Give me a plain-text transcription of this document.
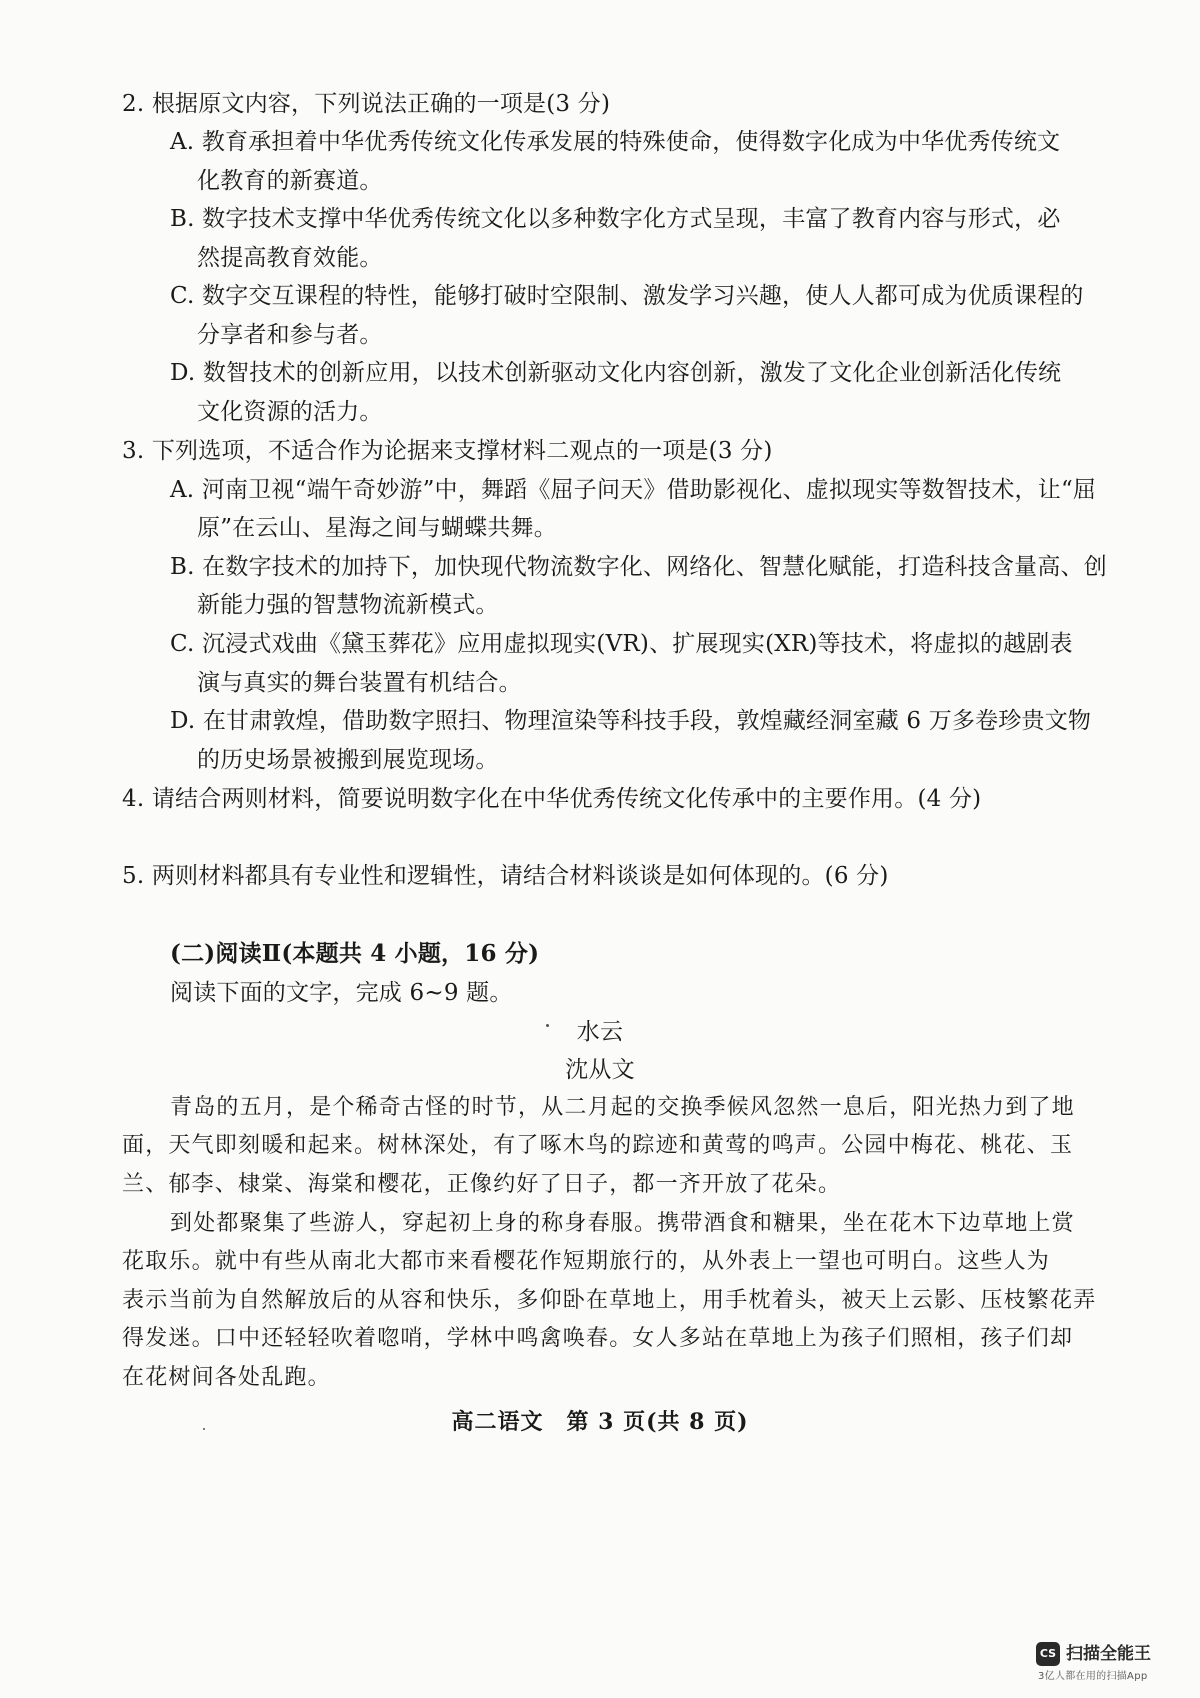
2. 根据原文内容，下列说法正确的一项是(3 分)
A. 教育承担着中华优秀传统文化传承发展的特殊使命，使得数字化成为中华优秀传统文
化教育的新赛道。
B. 数字技术支撑中华优秀传统文化以多种数字化方式呈现，丰富了教育内容与形式，必
然提高教育效能。
C. 数字交互课程的特性，能够打破时空限制、激发学习兴趣，使人人都可成为优质课程的
分享者和参与者。
D. 数智技术的创新应用，以技术创新驱动文化内容创新，激发了文化企业创新活化传统
文化资源的活力。
3. 下列选项，不适合作为论据来支撑材料二观点的一项是(3 分)
A. 河南卫视“端午奇妙游”中，舞蹈《屈子问天》借助影视化、虚拟现实等数智技术，让“屈
原”在云山、星海之间与蝴蝶共舞。
B. 在数字技术的加持下，加快现代物流数字化、网络化、智慧化赋能，打造科技含量高、创
新能力强的智慧物流新模式。
C. 沉浸式戏曲《黛玉葬花》应用虚拟现实(VR)、扩展现实(XR)等技术，将虚拟的越剧表
演与真实的舞台装置有机结合。
D. 在甘肃敦煌，借助数字照扫、物理渲染等科技手段，敦煌藏经洞室藏 6 万多卷珍贵文物
的历史场景被搬到展览现场。
4. 请结合两则材料，简要说明数字化在中华优秀传统文化传承中的主要作用。(4 分)
5. 两则材料都具有专业性和逻辑性，请结合材料谈谈是如何体现的。(6 分)
(二)阅读Ⅱ(本题共 4 小题，16 分)
阅读下面的文字，完成 6~9 题。
水云
沈从文
青岛的五月，是个稀奇古怪的时节，从二月起的交换季候风忽然一息后，阳光热力到了地
面，天气即刻暖和起来。树林深处，有了啄木鸟的踪迹和黄莺的鸣声。公园中梅花、桃花、玉
兰、郁李、棣棠、海棠和樱花，正像约好了日子，都一齐开放了花朵。
到处都聚集了些游人，穿起初上身的称身春服。携带酒食和糖果，坐在花木下边草地上赏
花取乐。就中有些从南北大都市来看樱花作短期旅行的，从外表上一望也可明白。这些人为
表示当前为自然解放后的从容和快乐，多仰卧在草地上，用手枕着头，被天上云影、压枝繁花弄
得发迷。口中还轻轻吹着唿哨，学林中鸣禽唤春。女人多站在草地上为孩子们照相，孩子们却
在花树间各处乱跑。
高二语文　第 3 页(共 8 页)
CS 扫描全能王
3亿人都在用的扫描App
